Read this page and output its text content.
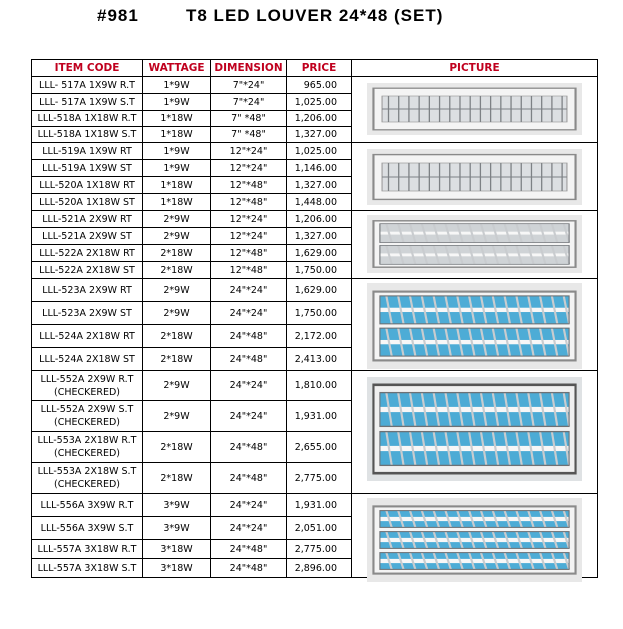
#981	T8 LED LOUVER 24*48 (SET)
ITEM CODE	WATTAGE	DIMENSION	PRICE	PICTURE

LLL- 517A 1X9W R.T	1*9W	7"*24"	965.00	

LLL- 517A 1X9W S.T	1*9W	7"*24"	1,025.00	

LLL-518A 1X18W R.T	1*18W	7" *48"	1,206.00	

LLL-518A 1X18W S.T	1*18W	7" *48"	1,327.00	

LLL-519A 1X9W RT	1*9W	12"*24"	1,025.00	

LLL-519A 1X9W ST	1*9W	12"*24"	1,146.00	

LLL-520A 1X18W RT	1*18W	12"*48"	1,327.00	

LLL-520A 1X18W ST	1*18W	12"*48"	1,448.00	

LLL-521A 2X9W RT	2*9W	12"*24"	1,206.00	

LLL-521A 2X9W ST	2*9W	12"*24"	1,327.00	

LLL-522A 2X18W RT	2*18W	12"*48"	1,629.00	

LLL-522A 2X18W ST	2*18W	12"*48"	1,750.00	

LLL-523A 2X9W RT	2*9W	24"*24"	1,629.00	

LLL-523A 2X9W ST	2*9W	24"*24"	1,750.00	

LLL-524A 2X18W RT	2*18W	24"*48"	2,172.00	

LLL-524A 2X18W ST	2*18W	24"*48"	2,413.00	

LLL-552A 2X9W R.T
(CHECKERED)	2*9W	24"*24"	1,810.00	

LLL-552A 2X9W S.T
(CHECKERED)	2*9W	24"*24"	1,931.00	

LLL-553A 2X18W R.T
(CHECKERED)	2*18W	24"*48"	2,655.00	

LLL-553A 2X18W S.T
(CHECKERED)	2*18W	24"*48"	2,775.00	

LLL-556A 3X9W R.T	3*9W	24"*24"	1,931.00	

LLL-556A 3X9W S.T	3*9W	24"*24"	2,051.00	

LLL-557A 3X18W R.T	3*18W	24"*48"	2,775.00	

LLL-557A 3X18W S.T	3*18W	24"*48"	2,896.00	
